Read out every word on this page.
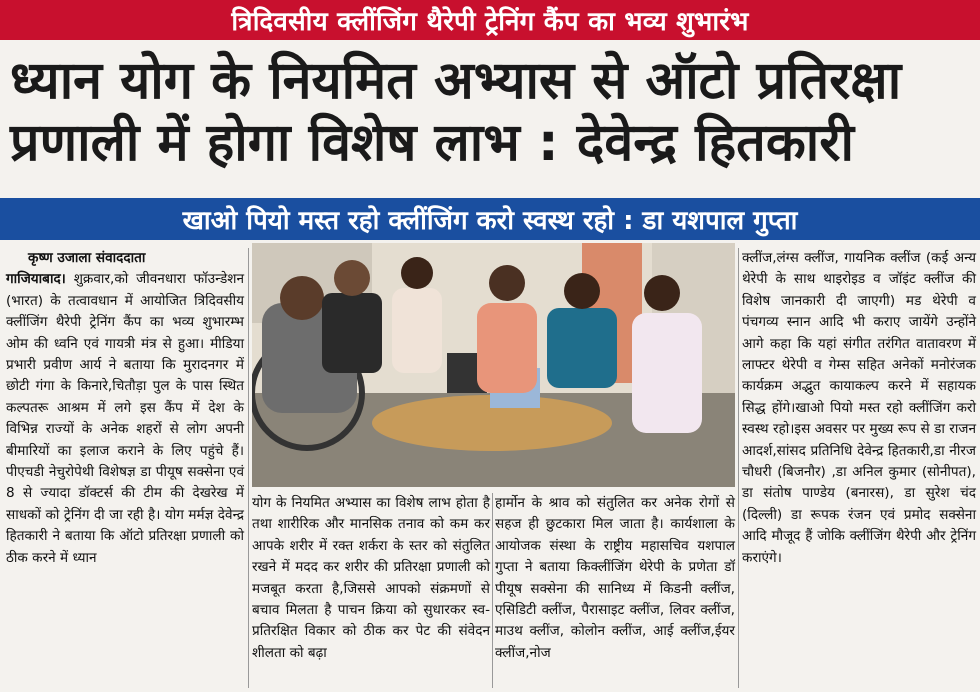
त्रिदिवसीय क्लींजिंग थैरेपी ट्रेनिंग कैंप का भव्य शुभारंभ
ध्यान योग के नियमित अभ्यास से ऑटो प्रतिरक्षा
प्रणाली में होगा विशेष लाभ : देवेन्द्र हितकारी
खाओ पियो मस्त रहो क्लींजिंग करो स्वस्थ रहो : डा यशपाल गुप्ता

कृष्ण उजाला संवाददाता
गाजियाबाद। शुक्रवार,को जीवनधारा फॉउन्डेशन (भारत) के तत्वावधान में आयोजित त्रिदिवसीय क्लींजिंग थैरेपी ट्रेनिंग कैंप का भव्य शुभारम्भ ओम की ध्वनि एवं गायत्री मंत्र से हुआ। मीडिया प्रभारी प्रवीण आर्य ने बताया कि मुरादनगर में छोटी गंगा के किनारे,चितौड़ा पुल के पास स्थित कल्पतरू आश्रम में लगे इस कैंप में देश के विभिन्न राज्यों के अनेक शहरों से लोग अपनी बीमारियों का इलाज कराने के लिए पहुंचे हैं। पीएचडी नेचुरोपेथी विशेषज्ञ डा पीयूष सक्सेना एवं 8 से ज्यादा डॉक्टर्स की टीम की देखरेख में साधकों को ट्रेनिंग दी जा रही है। योग मर्मज्ञ देवेन्द्र हितकारी ने बताया कि ऑटो प्रतिरक्षा प्रणाली को ठीक करने में ध्यान

योग के नियमित अभ्यास का विशेष लाभ होता है तथा शारीरिक और मानसिक तनाव को कम कर आपके शरीर में रक्त शर्करा के स्तर को संतुलित रखने में मदद कर शरीर की प्रतिरक्षा प्रणाली को मजबूत करता है,जिससे आपको संक्रमणों से बचाव मिलता है पाचन क्रिया को सुधारकर स्व- प्रतिरक्षित विकार को ठीक कर पेट की संवेदन शीलता को बढ़ा

हार्मोन के श्राव को संतुलित कर अनेक रोगों से सहज ही छुटकारा मिल जाता है। कार्यशाला के आयोजक संस्था के राष्ट्रीय महासचिव यशपाल गुप्ता ने बताया किक्लींजिंग थेरेपी के प्रणेता डॉ पीयूष सक्सेना की सानिध्य में किडनी क्लींज, एसिडिटी क्लींज, पैरासाइट क्लींज, लिवर क्लींज, माउथ क्लींज, कोलोन क्लींज, आई क्लींज,ईयर क्लींज,नोज

क्लींज,लंग्स क्लींज, गायनिक क्लींज (कई अन्य थेरेपी के साथ थाइरोइड व जॉइंट क्लींज की विशेष जानकारी दी जाएगी) मड थेरेपी व पंचगव्य स्नान आदि भी कराए जायेंगे उन्होंने आगे कहा कि यहां संगीत तरंगित वातावरण में लाफ्टर थेरेपी व गेम्स सहित अनेकों मनोरंजक कार्यक्रम अद्भुत कायाकल्प करने में सहायक सिद्ध होंगे।खाओ पियो मस्त रहो क्लींजिंग करो स्वस्थ रहो।इस अवसर पर मुख्य रूप से डा राजन आदर्श,सांसद प्रतिनिधि देवेन्द्र हितकारी,डा नीरज चौधरी (बिजनौर) ,डा अनिल कुमार (सोनीपत), डा संतोष पाण्डेय (बनारस), डा सुरेश चंद (दिल्ली) डा रूपक रंजन एवं प्रमोद सक्सेना आदि मौजूद हैं जोकि क्लींजिंग थैरेपी और ट्रेनिंग कराएंगे।
